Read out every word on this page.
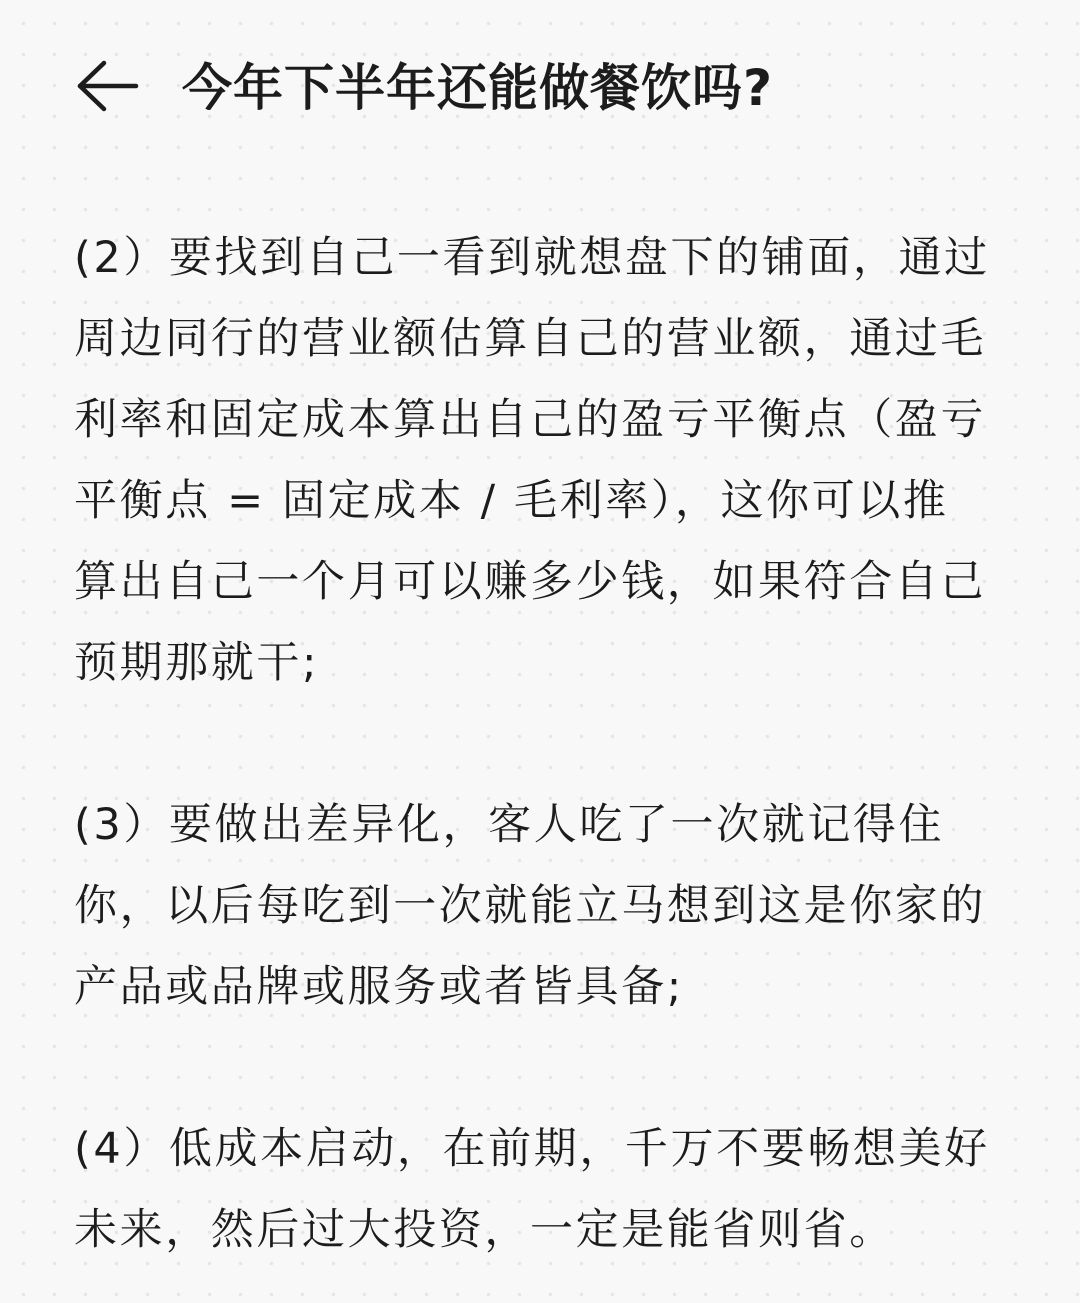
今年下半年还能做餐饮吗?

(2）要找到自己一看到就想盘下的铺面，通过周边同行的营业额估算自己的营业额，通过毛利率和固定成本算出自己的盈亏平衡点（盈亏平衡点 = 固定成本 / 毛利率），这你可以推算出自己一个月可以赚多少钱，如果符合自己预期那就干;

(3）要做出差异化，客人吃了一次就记得住你，以后每吃到一次就能立马想到这是你家的产品或品牌或服务或者皆具备;

(4）低成本启动，在前期，千万不要畅想美好未来，然后过大投资，一定是能省则省。
